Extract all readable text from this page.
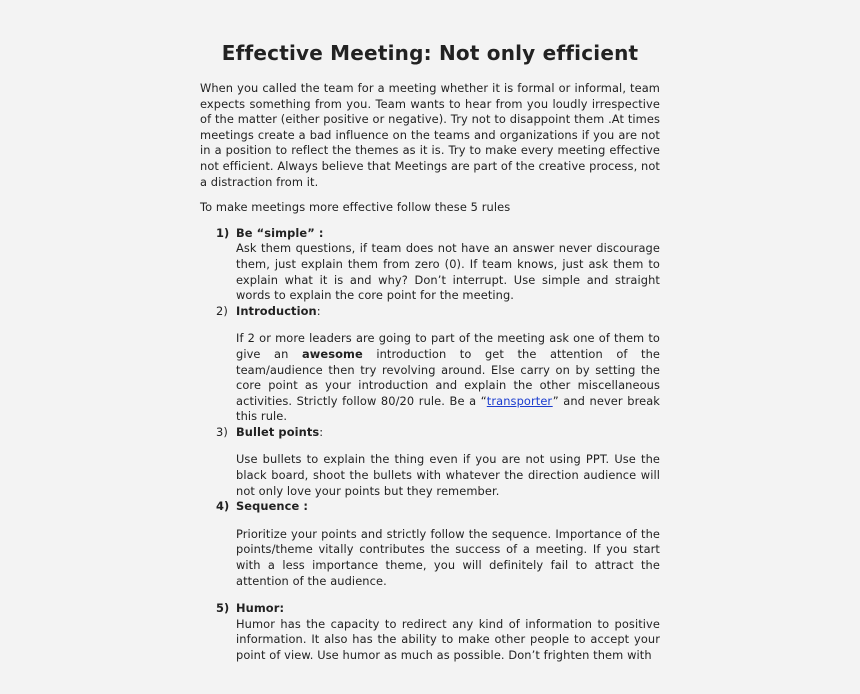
Effective Meeting: Not only efficient

When you called the team for a meeting whether it is formal or informal, team expects something from you. Team wants to hear from you loudly irrespective of the matter (either positive or negative). Try not to disappoint them .At times meetings create a bad influence on the teams and organizations if you are not in a position to reflect the themes as it is. Try to make every meeting effective not efficient. Always believe that Meetings are part of the creative process, not a distraction from it.

To make meetings more effective follow these 5 rules

1) Be “simple” :

Ask them questions, if team does not have an answer never discourage them, just explain them from zero (0). If team knows, just ask them to explain what it is and why? Don’t interrupt. Use simple and straight words to explain the core point for the meeting.

2) Introduction:

If 2 or more leaders are going to part of the meeting ask one of them to give an awesome introduction to get the attention of the team/audience then try revolving around. Else carry on by setting the core point as your introduction and explain the other miscellaneous activities. Strictly follow 80/20 rule. Be a “transporter” and never break this rule.

3) Bullet points:

Use bullets to explain the thing even if you are not using PPT. Use the black board, shoot the bullets with whatever the direction audience will not only love your points but they remember.

4) Sequence :

Prioritize your points and strictly follow the sequence. Importance of the points/theme vitally contributes the success of a meeting. If you start with a less importance theme, you will definitely fail to attract the attention of the audience.

5) Humor:

Humor has the capacity to redirect any kind of information to positive information. It also has the ability to make other people to accept your point of view. Use humor as much as possible. Don’t frighten them with
